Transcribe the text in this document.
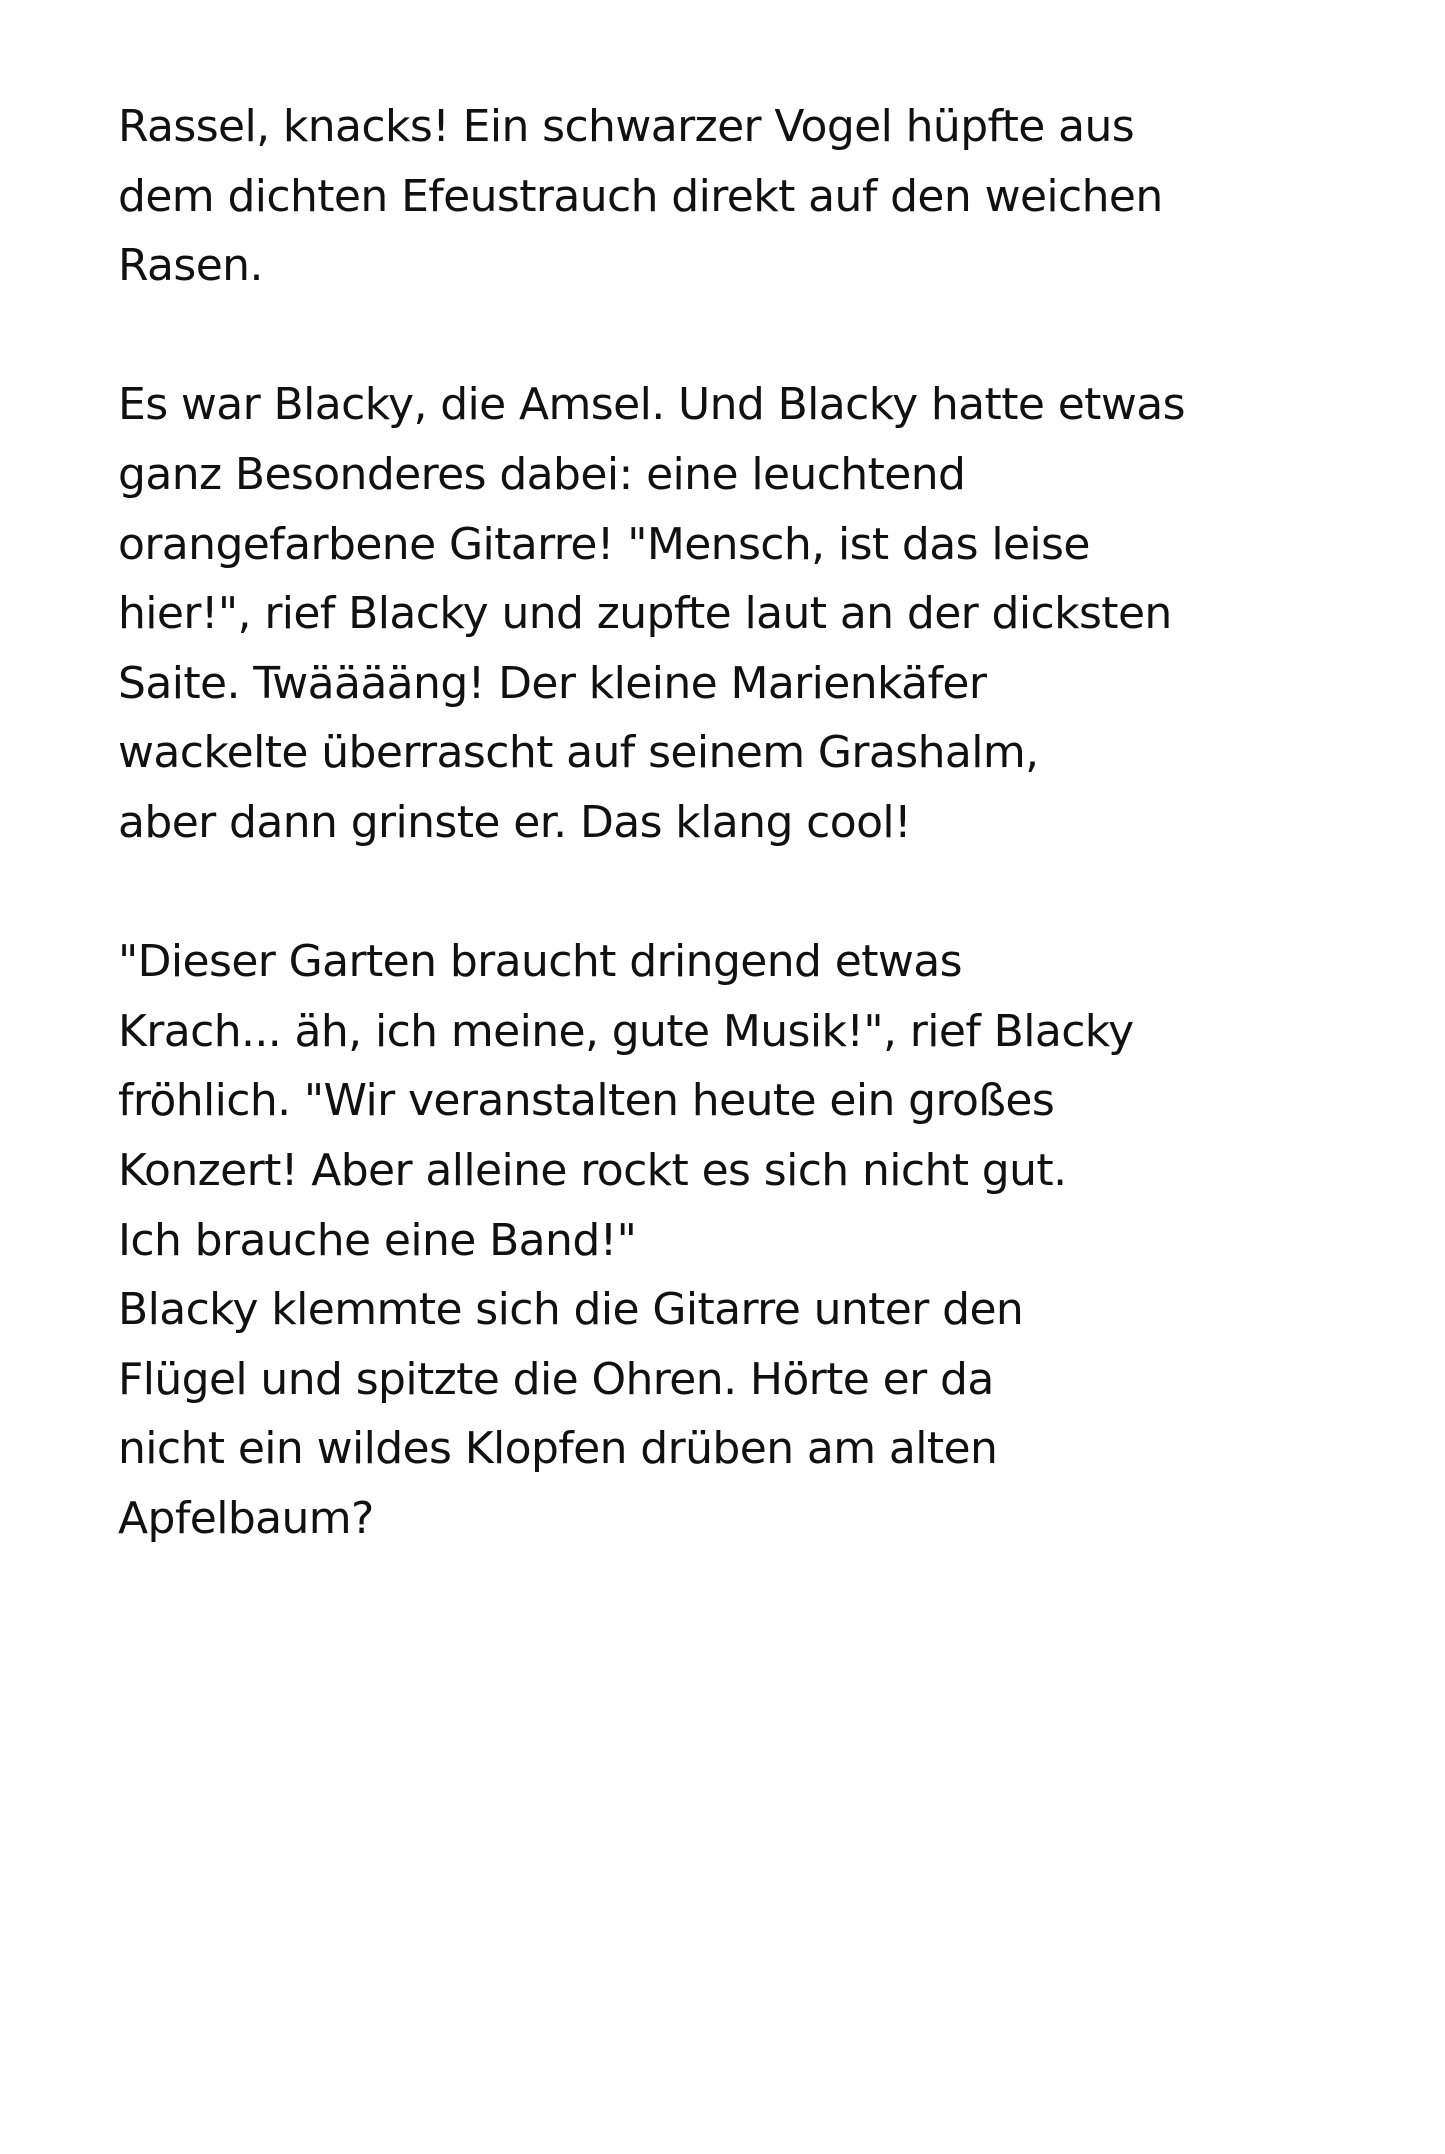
Rassel, knacks! Ein schwarzer Vogel hüpfte aus
dem dichten Efeustrauch direkt auf den weichen
Rasen.

Es war Blacky, die Amsel. Und Blacky hatte etwas
ganz Besonderes dabei: eine leuchtend
orangefarbene Gitarre! "Mensch, ist das leise
hier!", rief Blacky und zupfte laut an der dicksten
Saite. Twääääng! Der kleine Marienkäfer
wackelte überrascht auf seinem Grashalm,
aber dann grinste er. Das klang cool!

"Dieser Garten braucht dringend etwas
Krach... äh, ich meine, gute Musik!", rief Blacky
fröhlich. "Wir veranstalten heute ein großes
Konzert! Aber alleine rockt es sich nicht gut.
Ich brauche eine Band!"

Blacky klemmte sich die Gitarre unter den
Flügel und spitzte die Ohren. Hörte er da
nicht ein wildes Klopfen drüben am alten
Apfelbaum?
